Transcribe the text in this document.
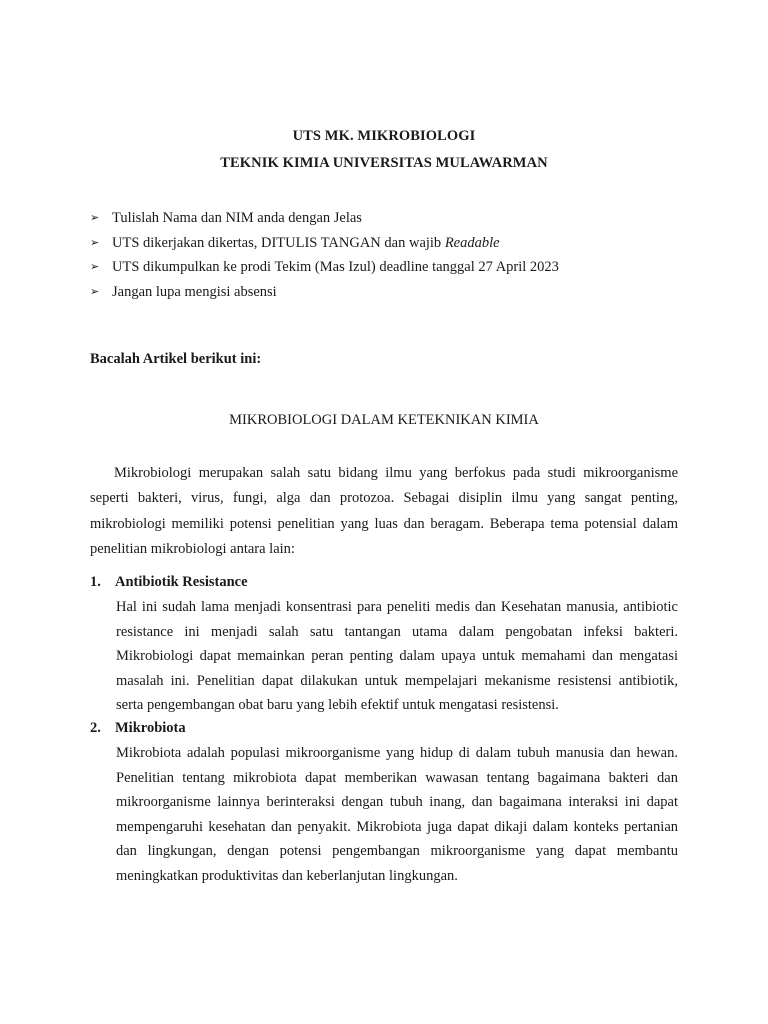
UTS MK. MIKROBIOLOGI
TEKNIK KIMIA UNIVERSITAS MULAWARMAN
➢ Tulislah Nama dan NIM anda dengan Jelas
➢ UTS dikerjakan dikertas, DITULIS TANGAN dan wajib Readable
➢ UTS dikumpulkan ke prodi Tekim (Mas Izul) deadline tanggal 27 April 2023
➢ Jangan lupa mengisi absensi
Bacalah Artikel berikut ini:
MIKROBIOLOGI DALAM KETEKNIKAN KIMIA
Mikrobiologi merupakan salah satu bidang ilmu yang berfokus pada studi mikroorganisme
seperti bakteri, virus, fungi, alga dan protozoa. Sebagai disiplin ilmu yang sangat penting,
mikrobiologi memiliki potensi penelitian yang luas dan beragam. Beberapa tema potensial dalam
penelitian mikrobiologi antara lain:
1. Antibiotik Resistance
Hal ini sudah lama menjadi konsentrasi para peneliti medis dan Kesehatan manusia, antibiotic
resistance ini menjadi salah satu tantangan utama dalam pengobatan infeksi bakteri.
Mikrobiologi dapat memainkan peran penting dalam upaya untuk memahami dan mengatasi
masalah ini. Penelitian dapat dilakukan untuk mempelajari mekanisme resistensi antibiotik,
serta pengembangan obat baru yang lebih efektif untuk mengatasi resistensi.
2. Mikrobiota
Mikrobiota adalah populasi mikroorganisme yang hidup di dalam tubuh manusia dan hewan.
Penelitian tentang mikrobiota dapat memberikan wawasan tentang bagaimana bakteri dan
mikroorganisme lainnya berinteraksi dengan tubuh inang, dan bagaimana interaksi ini dapat
mempengaruhi kesehatan dan penyakit. Mikrobiota juga dapat dikaji dalam konteks pertanian
dan lingkungan, dengan potensi pengembangan mikroorganisme yang dapat membantu
meningkatkan produktivitas dan keberlanjutan lingkungan.
